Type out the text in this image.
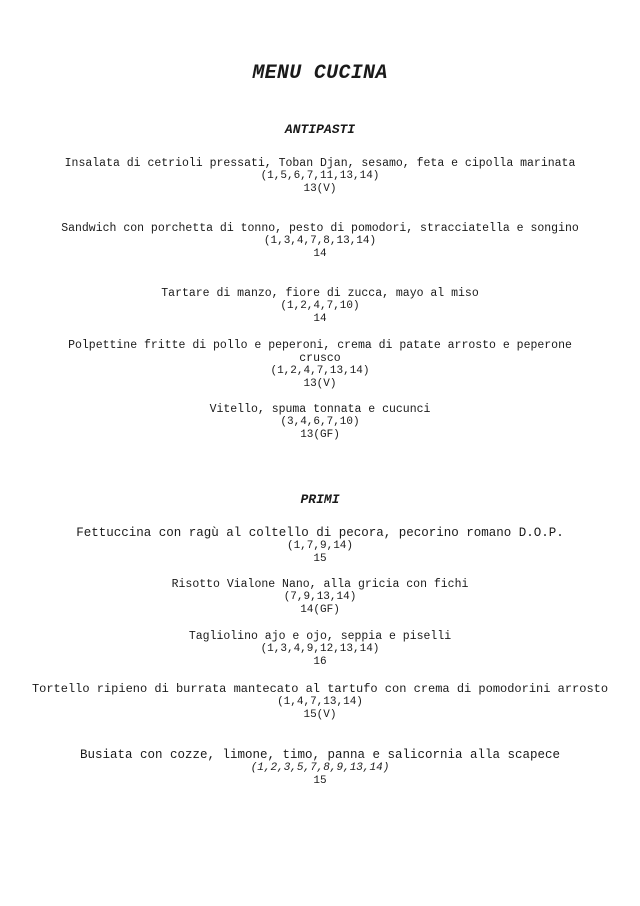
MENU CUCINA
ANTIPASTI
Insalata di cetrioli pressati, Toban Djan, sesamo, feta e cipolla marinata
(1,5,6,7,11,13,14)
13(V)
Sandwich con porchetta di tonno, pesto di pomodori, stracciatella e songino
(1,3,4,7,8,13,14)
14
Tartare di manzo, fiore di zucca, mayo al miso
(1,2,4,7,10)
14
Polpettine fritte di pollo e peperoni, crema di patate arrosto e peperone crusco
(1,2,4,7,13,14)
13(V)
Vitello, spuma tonnata e cucunci
(3,4,6,7,10)
13(GF)
PRIMI
Fettuccina con ragù al coltello di pecora, pecorino romano D.O.P.
(1,7,9,14)
15
Risotto Vialone Nano, alla gricia con fichi
(7,9,13,14)
14(GF)
Tagliolino ajo e ojo, seppia e piselli
(1,3,4,9,12,13,14)
16
Tortello ripieno di burrata mantecato al tartufo con crema di pomodorini arrosto
(1,4,7,13,14)
15(V)
Busiata con cozze, limone, timo, panna e salicornia alla scapece
(1,2,3,5,7,8,9,13,14)
15
